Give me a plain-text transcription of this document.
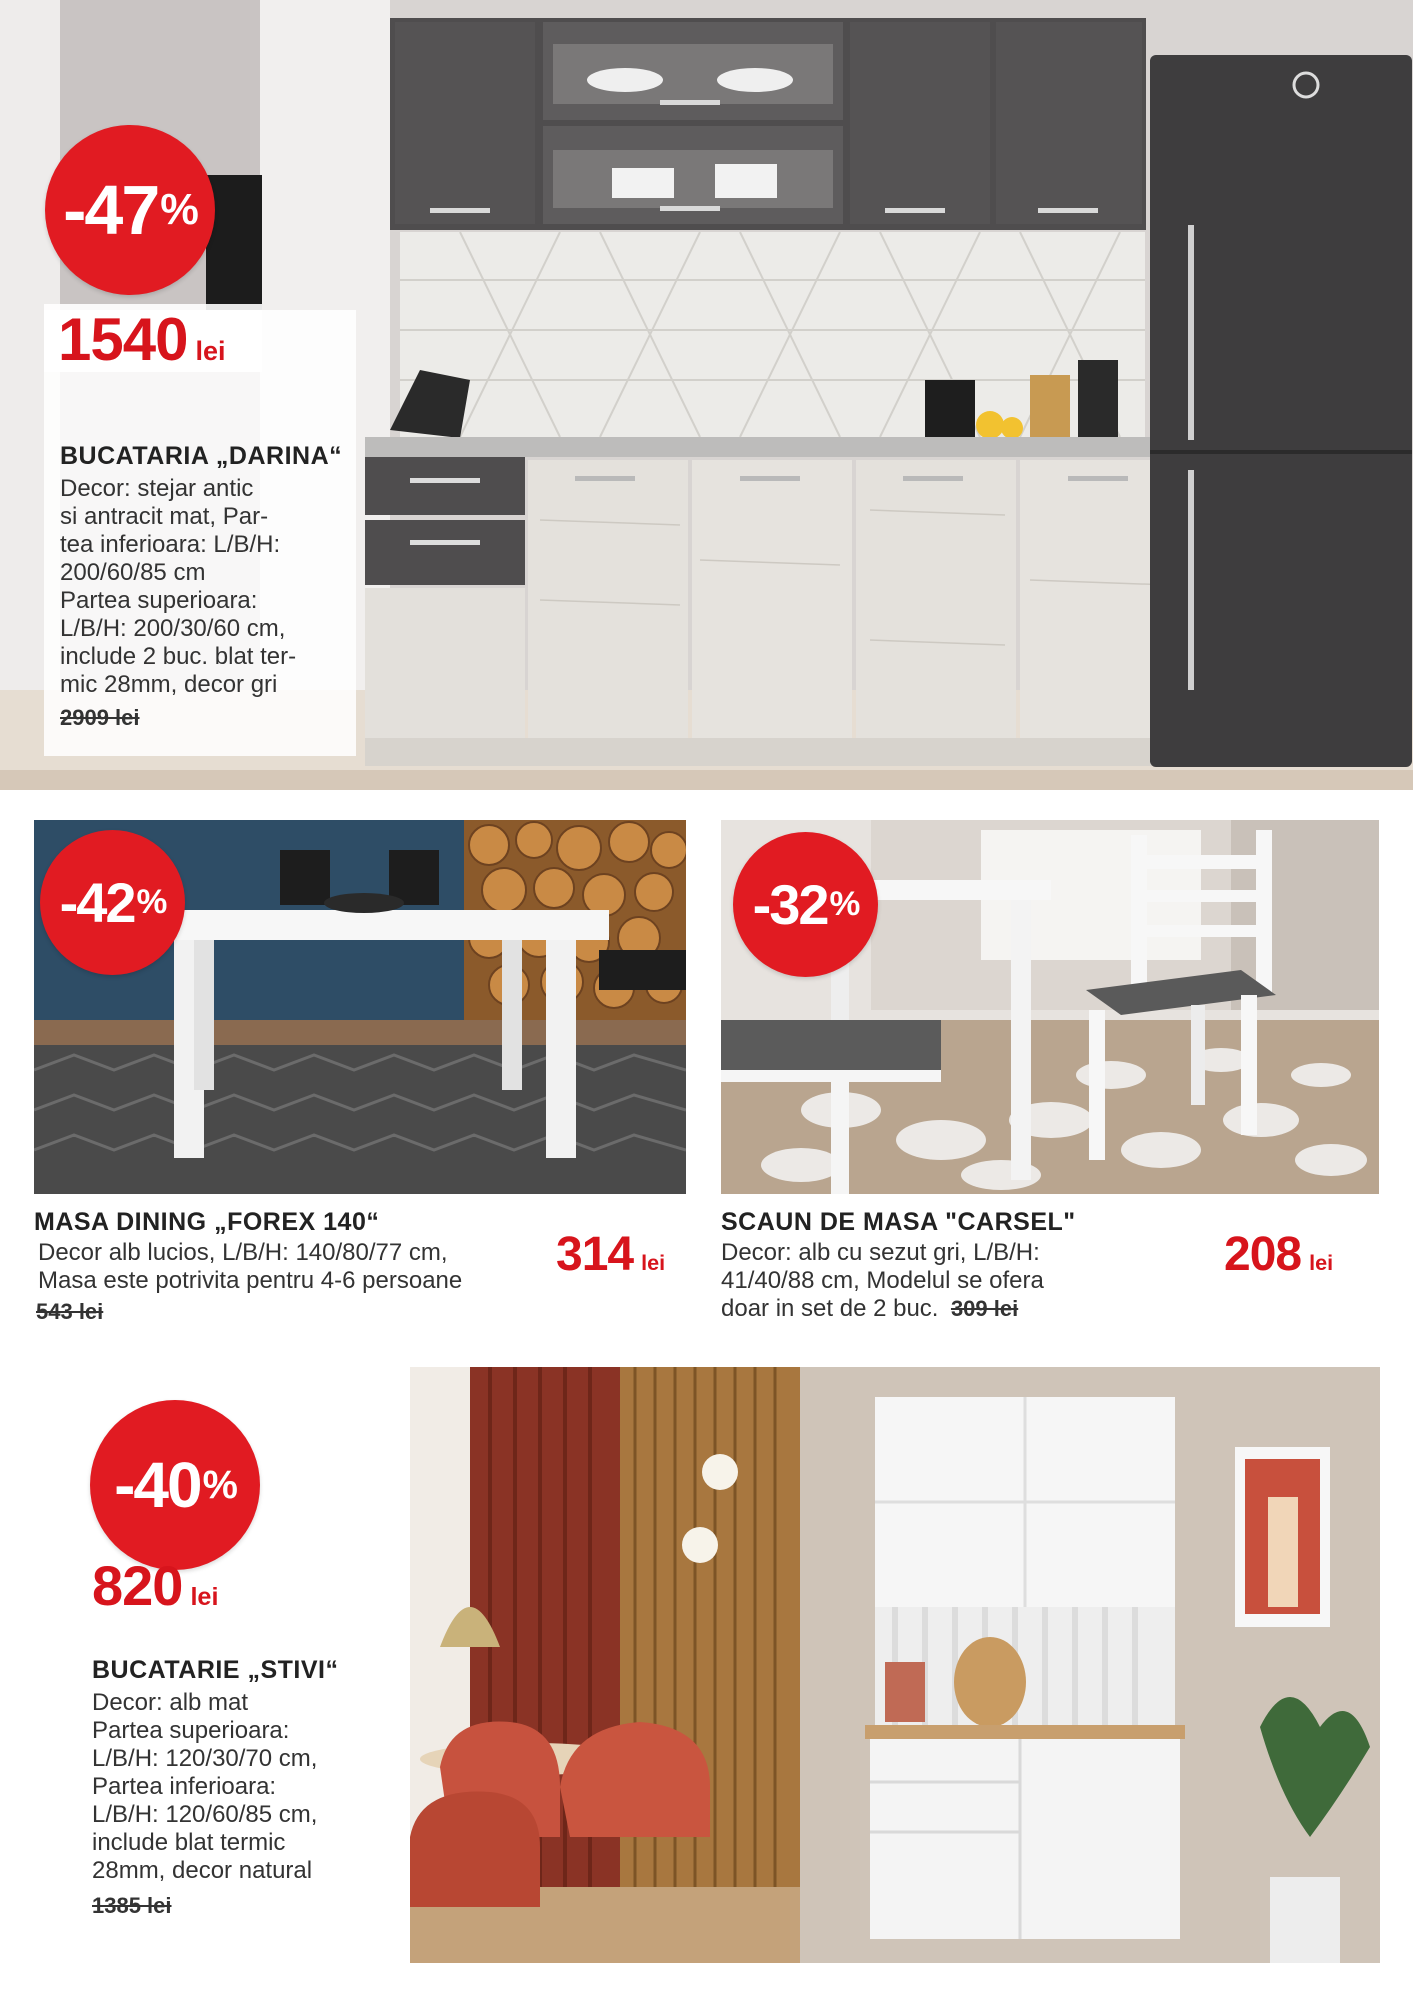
-47 %
1540 lei
BUCATARIA „DARINA“
Decor: stejar antic
si antracit mat, Par-
tea inferioara: L/B/H:
200/60/85 cm
Partea superioara:
L/B/H: 200/30/60 cm,
include 2 buc. blat ter-
mic 28mm, decor gri
2909 lei
-42 %
MASA DINING „FOREX 140“
Decor alb lucios, L/B/H: 140/80/77 cm,
Masa este potrivita pentru 4-6 persoane
543 lei
314 lei
-32 %
SCAUN DE MASA "CARSEL"
Decor: alb cu sezut gri, L/B/H:
41/40/88 cm, Modelul se ofera
doar in set de 2 buc. 309 lei
208 lei
-40 %
820 lei
BUCATARIE „STIVI“
Decor: alb mat
Partea superioara:
L/B/H: 120/30/70 cm,
Partea inferioara:
L/B/H: 120/60/85 cm,
include blat termic
28mm, decor natural
1385 lei
